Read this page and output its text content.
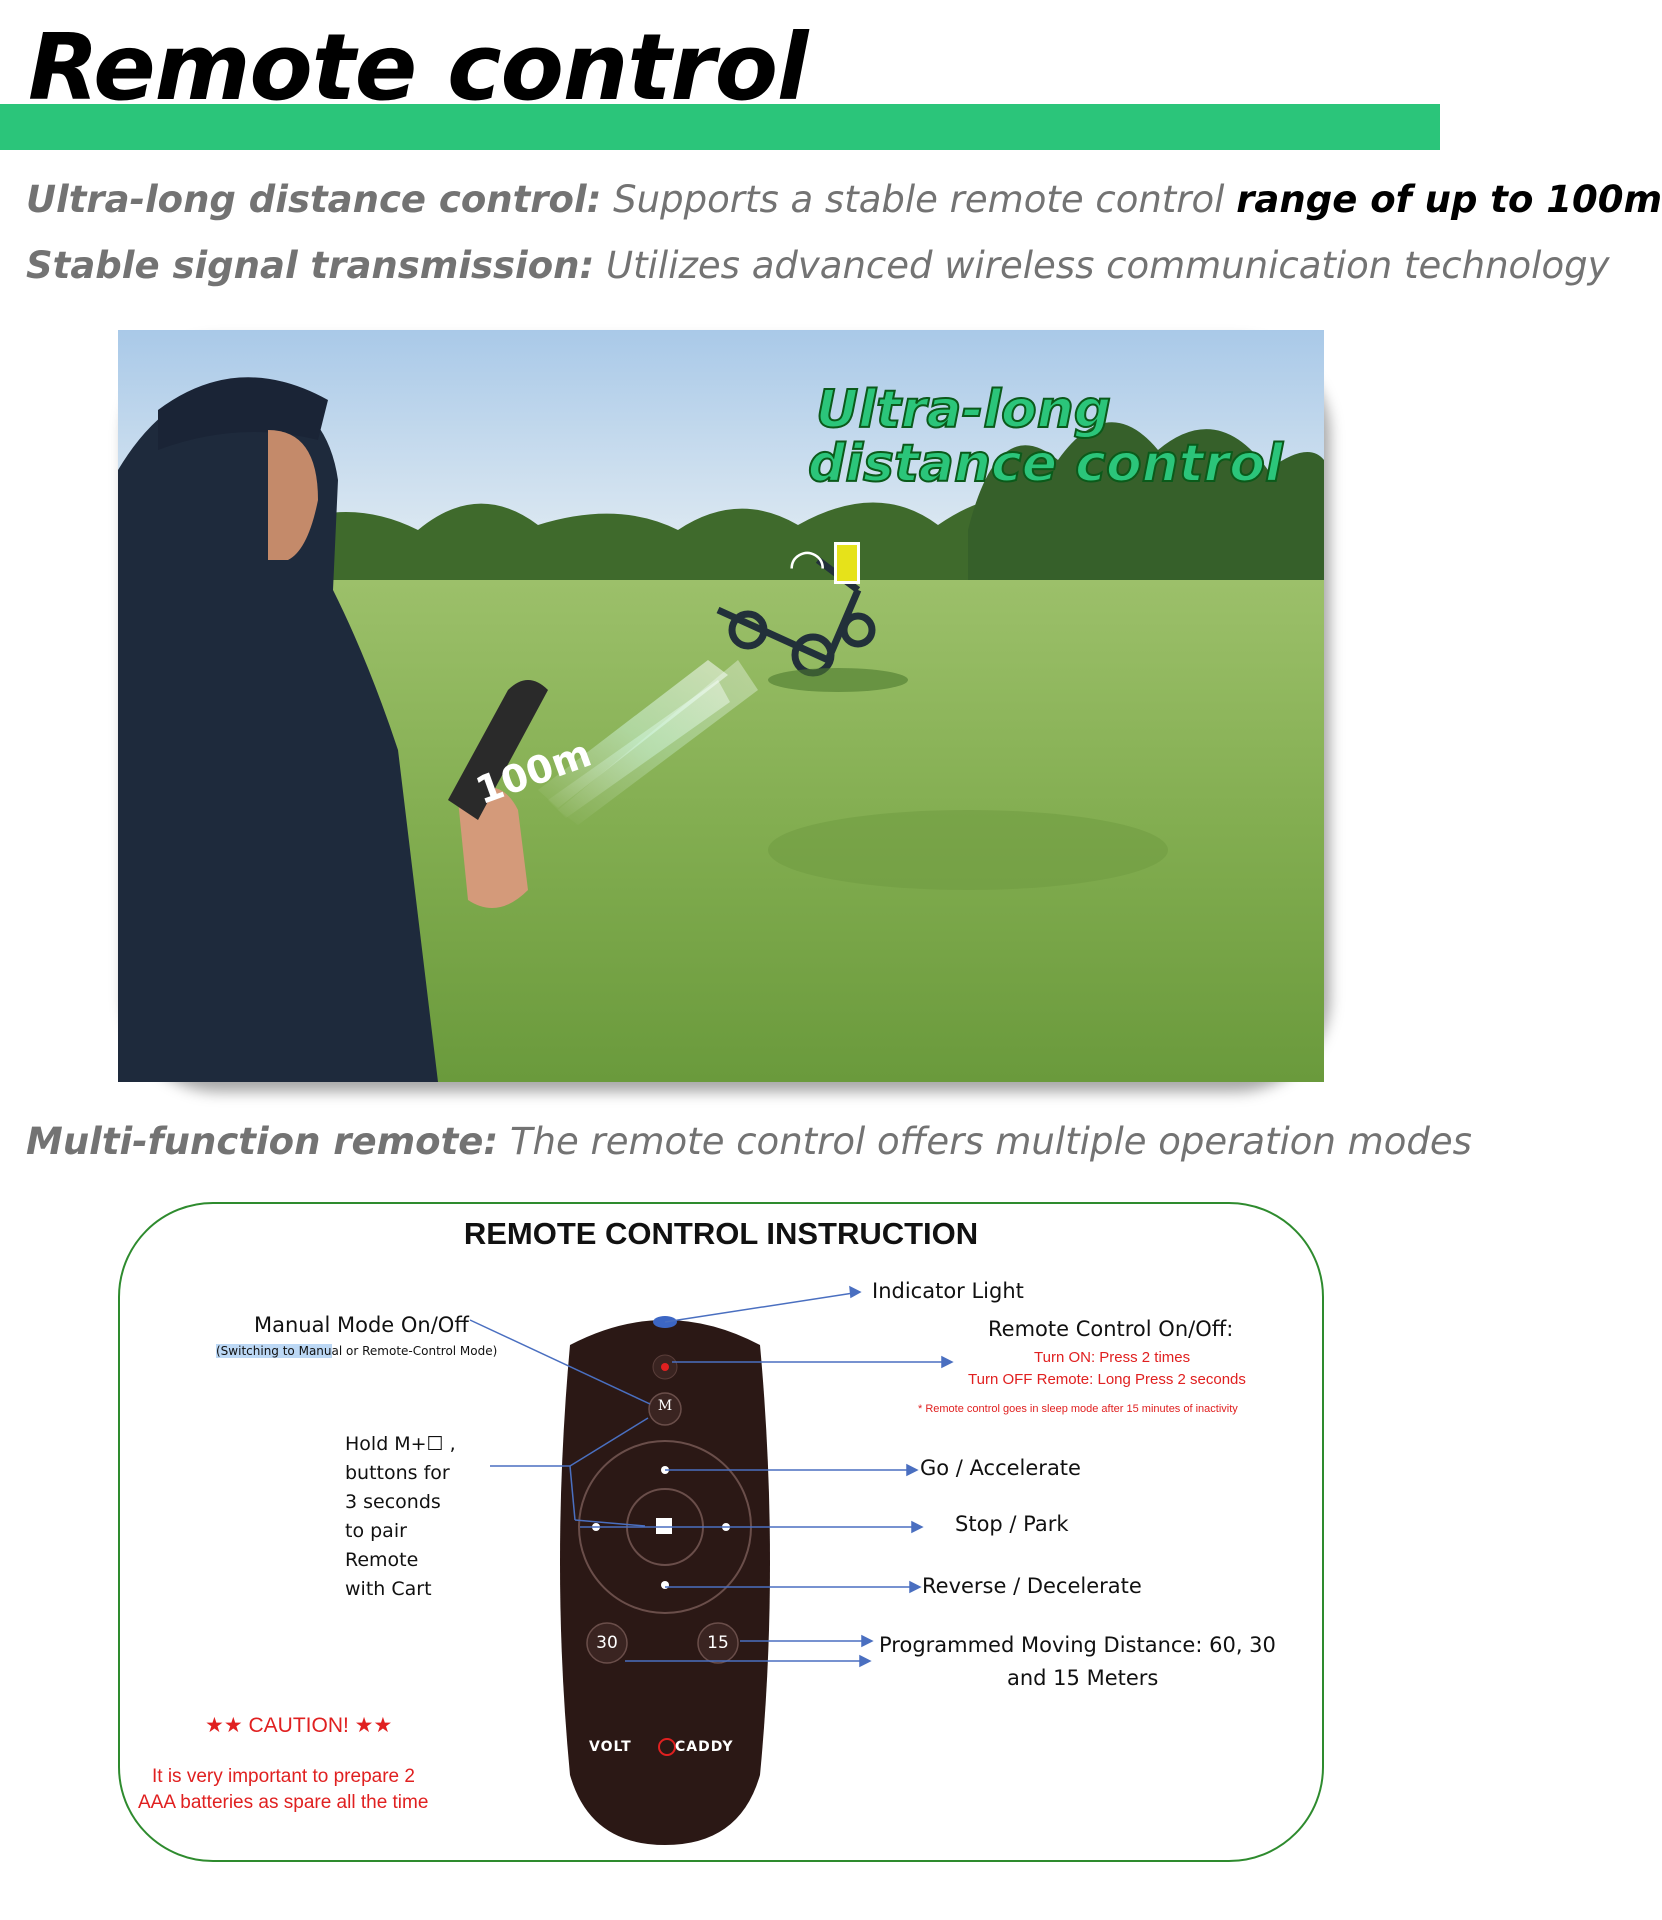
Remote control
Ultra-long distance control: Supports a stable remote control range of up to 100m
Stable signal transmission: Utilizes advanced wireless communication technology
◠
100m
Ultra-long
distance control
Multi-function remote: The remote control offers multiple operation modes
REMOTE CONTROL INSTRUCTION
M
30	15
VOLT	CADDY
Manual Mode On/Off
(Switching to Manual or Remote-Control Mode)
Hold M+☐ ,
buttons for
3 seconds
to pair
Remote
with Cart
★★ CAUTION! ★★
It is very important to prepare 2
AAA batteries as spare all the time
Indicator Light
Remote Control On/Off:
Turn ON: Press 2 times
Turn OFF Remote: Long Press 2 seconds
* Remote control goes in sleep mode after 15 minutes of inactivity
Go / Accelerate
Stop / Park
Reverse / Decelerate
Programmed Moving Distance: 60, 30
and 15 Meters
